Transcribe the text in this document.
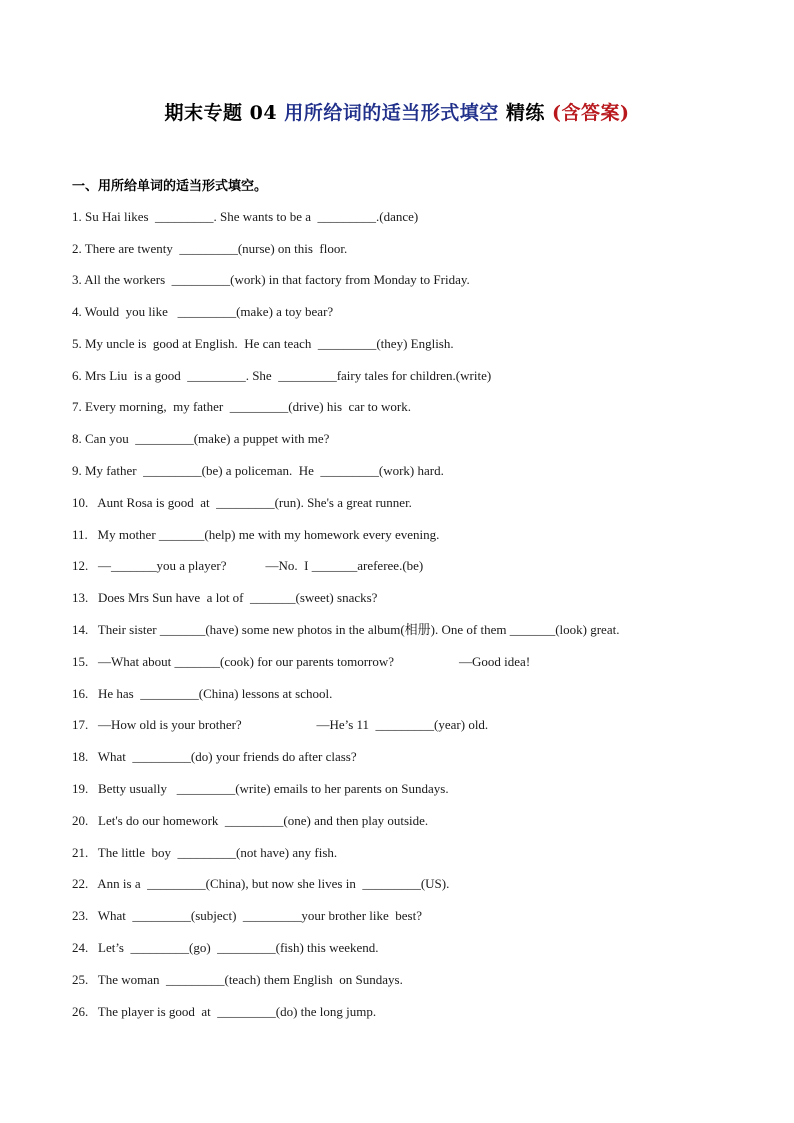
期末专题 04 用所给词的适当形式填空 精练 (含答案)
一、用所给单词的适当形式填空。
1. Su Hai likes  _________. She wants to be a  _________.(dance)
2. There are twenty  _________(nurse) on this  floor.
3. All the workers  _________(work) in that factory from Monday to Friday.
4. Would  you like   _________(make) a toy bear?
5. My uncle is  good at English.  He can teach  _________(they) English.
6. Mrs Liu  is a good  _________. She  _________fairy tales for children.(write)
7. Every morning,  my father  _________(drive) his  car to work.
8. Can you  _________(make) a puppet with me?
9. My father  _________(be) a policeman.  He  _________(work) hard.
10.   Aunt Rosa is good  at  _________(run). She's a great runner.
11.   My mother _______(help) me with my homework every evening.
12.   —_______you a player?            —No.  I _______areferee.(be)
13.   Does Mrs Sun have  a lot of  _______(sweet) snacks?
14.   Their sister _______(have) some new photos in the album(相册). One of them _______(look) great.
15.   —What about _______(cook) for our parents tomorrow?                    —Good idea!
16.   He has  _________(China) lessons at school.
17.   —How old is your brother?                       —He’s 11  _________(year) old.
18.   What  _________(do) your friends do after class?
19.   Betty usually   _________(write) emails to her parents on Sundays.
20.   Let's do our homework  _________(one) and then play outside.
21.   The little  boy  _________(not have) any fish.
22.   Ann is a  _________(China), but now she lives in  _________(US).
23.   What  _________(subject)  _________your brother like  best?
24.   Let’s  _________(go)  _________(fish) this weekend.
25.   The woman  _________(teach) them English  on Sundays.
26.   The player is good  at  _________(do) the long jump.
